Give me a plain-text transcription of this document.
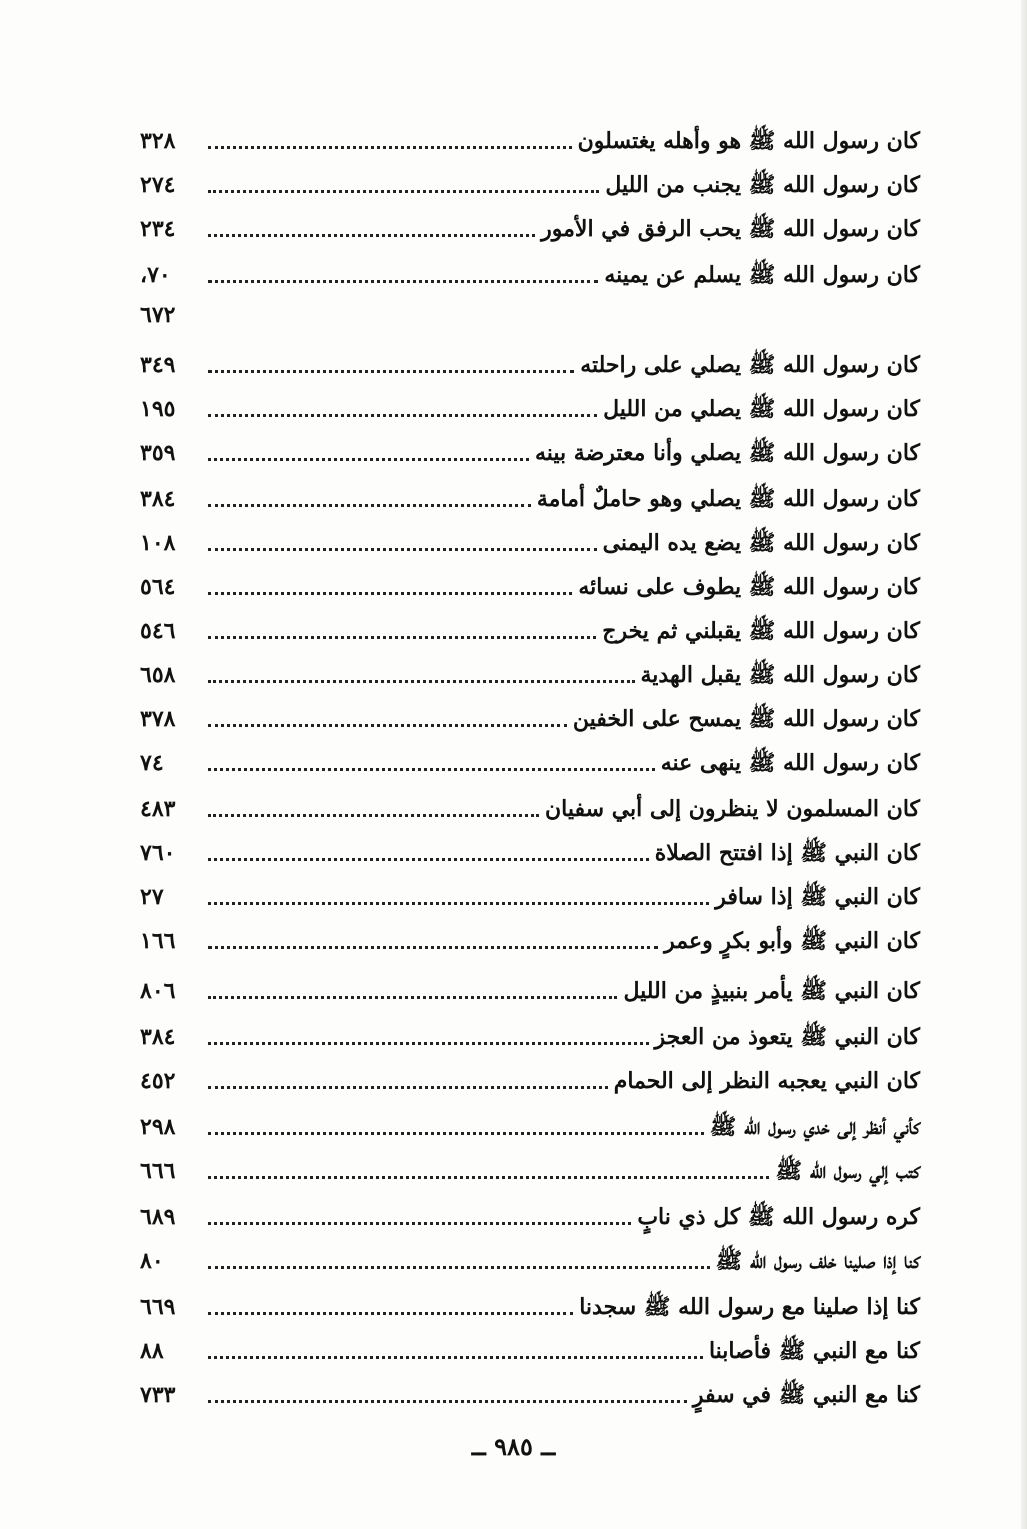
كان رسول الله ﷺ هو وأهله يغتسلون
٣٢٨
كان رسول الله ﷺ يجنب من الليل
٢٧٤
كان رسول الله ﷺ يحب الرفق في الأمور
٢٣٤
كان رسول الله ﷺ يسلم عن يمينه
٧٠،
٦٧٢
كان رسول الله ﷺ يصلي على راحلته
٣٤٩
كان رسول الله ﷺ يصلي من الليل
١٩٥
كان رسول الله ﷺ يصلي وأنا معترضة بينه
٣٥٩
كان رسول الله ﷺ يصلي وهو حاملٌ أمامة
٣٨٤
كان رسول الله ﷺ يضع يده اليمنى
١٠٨
كان رسول الله ﷺ يطوف على نسائه
٥٦٤
كان رسول الله ﷺ يقبلني ثم يخرج
٥٤٦
كان رسول الله ﷺ يقبل الهدية
٦٥٨
كان رسول الله ﷺ يمسح على الخفين
٣٧٨
كان رسول الله ﷺ ينهى عنه
٧٤
كان المسلمون لا ينظرون إلى أبي سفيان
٤٨٣
كان النبي ﷺ إذا افتتح الصلاة
٧٦٠
كان النبي ﷺ إذا سافر
٢٧
كان النبي ﷺ وأبو بكرٍ وعمر
١٦٦
كان النبي ﷺ يأمر بنبيذٍ من الليل
٨٠٦
كان النبي ﷺ يتعوذ من العجز
٣٨٤
كان النبي يعجبه النظر إلى الحمام
٤٥٢
كأني أنظر إلى خدي رسول الله ﷺ
٢٩٨
كتب إلي رسول الله ﷺ
٦٦٦
كره رسول الله ﷺ كل ذي نابٍ
٦٨٩
كنا إذا صلينا خلف رسول الله ﷺ
٨٠
كنا إذا صلينا مع رسول الله ﷺ سجدنا
٦٦٩
كنا مع النبي ﷺ فأصابنا
٨٨
كنا مع النبي ﷺ في سفرٍ
٧٣٣
ــ ٩٨٥ ــ
